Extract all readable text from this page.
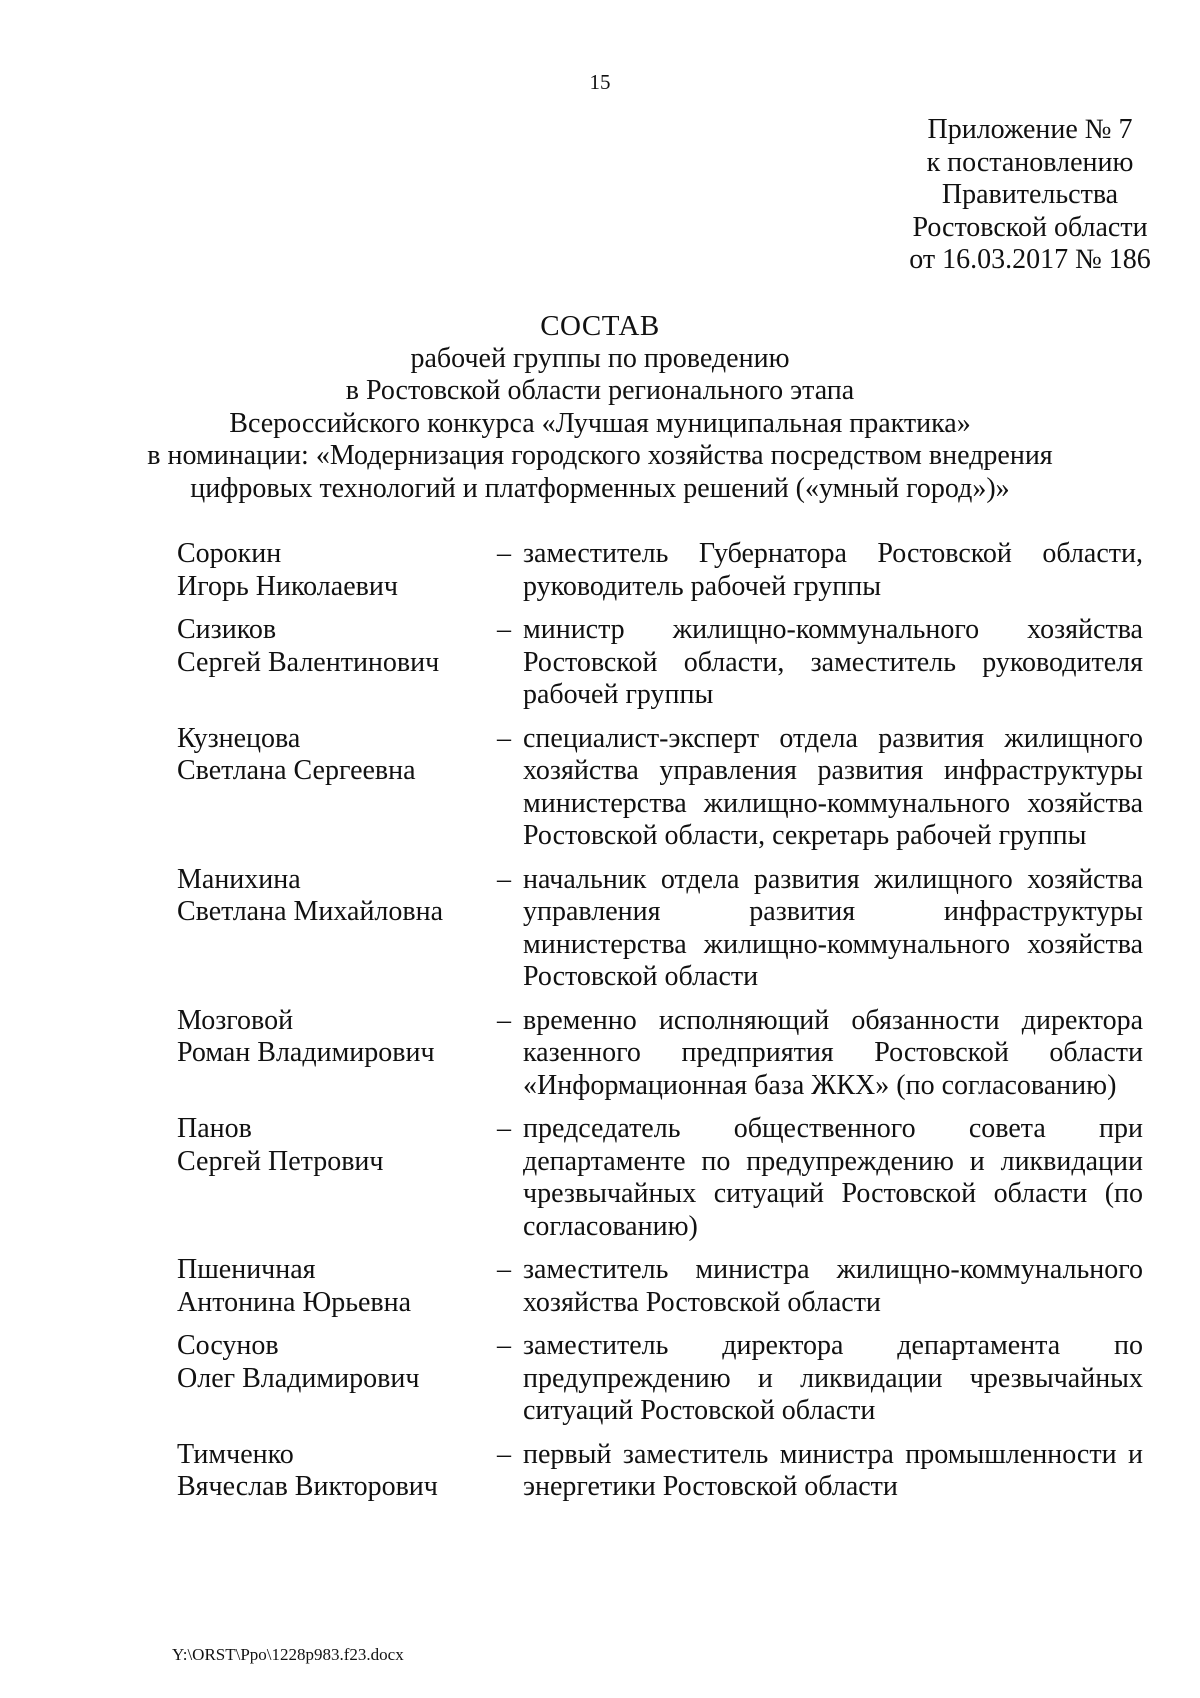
15
Приложение № 7
к постановлению
Правительства
Ростовской области
от 16.03.2017 № 186
СОСТАВ
рабочей группы по проведению
в Ростовской области регионального этапа
Всероссийского конкурса «Лучшая муниципальная практика»
в номинации: «Модернизация городского хозяйства посредством внедрения
цифровых технологий и платформенных решений («умный город»)»
Сорокин
Игорь Николаевич
– заместитель Губернатора Ростовской области, руководитель рабочей группы
Сизиков
Сергей Валентинович
– министр жилищно-коммунального хозяйства Ростовской области, заместитель руководителя рабочей группы
Кузнецова
Светлана Сергеевна
– специалист-эксперт отдела развития жилищного хозяйства управления развития инфраструктуры министерства жилищно-коммунального хозяйства Ростовской области, секретарь рабочей группы
Манихина
Светлана Михайловна
– начальник отдела развития жилищного хозяйства управления развития инфраструктуры министерства жилищно-коммунального хозяйства Ростовской области
Мозговой
Роман Владимирович
– временно исполняющий обязанности директора казенного предприятия Ростовской области «Информационная база ЖКХ» (по согласованию)
Панов
Сергей Петрович
– председатель общественного совета при департаменте по предупреждению и ликвидации чрезвычайных ситуаций Ростовской области (по согласованию)
Пшеничная
Антонина Юрьевна
– заместитель министра жилищно-коммунального хозяйства Ростовской области
Сосунов
Олег Владимирович
– заместитель директора департамента по предупреждению и ликвидации чрезвычайных ситуаций Ростовской области
Тимченко
Вячеслав Викторович
– первый заместитель министра промышленности и энергетики Ростовской области
Y:\ORST\Ppo\1228p983.f23.docx
